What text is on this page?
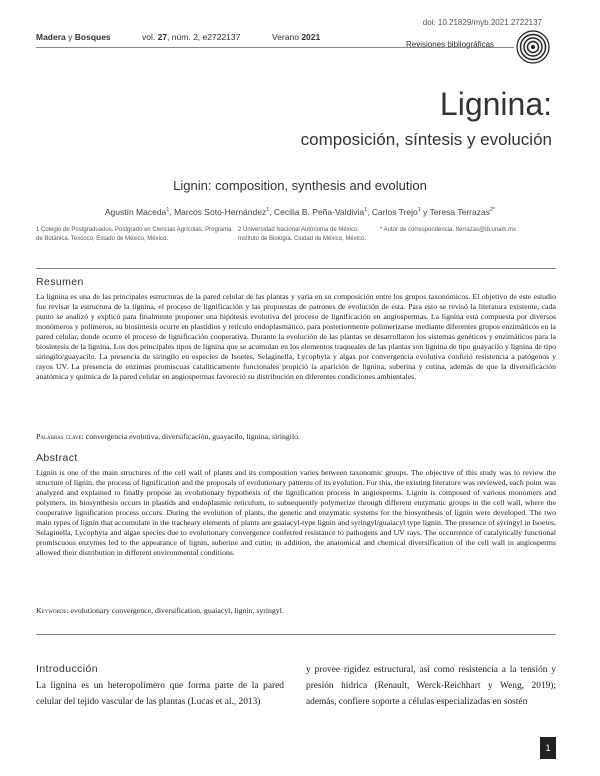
doi: 10.21829/myb.2021.2722137
Madera y Bosques	vol. 27, núm. 2, e2722137	Verano 2021
Revisiones bibliográficas
Lignina:
composición, síntesis y evolución
Lignin: composition, synthesis and evolution
Agustín Maceda$^1$, Marcos Soto-Hernández$^1$, Cecilia B. Peña-Valdivia$^1$, Carlos Trejo$^1$ y Teresa Terrazas$^{2*}$
1 Colegio de Postgraduados. Postgrado en Ciencias Agrícolas. Programa de Botánica. Texcoco, Estado de México, México.
2 Universidad Nacional Autónoma de México. Instituto de Biología. Ciudad de México, México.
* Autor de correspondencia. tterrazas@ib.unam.mx
Resumen
La lignina es una de las principales estructuras de la pared celular de las plantas y varía en su composición entre los grupos taxonómicos. El objetivo de este estudio fue revisar la estructura de la lignina, el proceso de lignificación y las propuestas de patrones de evolución de esta. Para esto se revisó la literatura existente, cada punto se analizó y explicó para finalmente proponer una hipótesis evolutiva del proceso de lignificación en angiospermas. La lignina está compuesta por diversos monómeros y polímeros, su biosíntesis ocurre en plastidios y retículo endoplasmático, para posteriormente polimerizarse mediante diferentes grupos enzimáticos en la pared celular, donde ocurre el proceso de lignificación cooperativa. Durante la evolución de las plantas se desarrollaron los sistemas genéticos y enzimáticos para la biosíntesis de la lignina. Los dos principales tipos de lignina que se acumulan en los elementos traqueales de las plantas son lignina de tipo guayacilo y lignina de tipo siringilo/guayacilo. La presencia de siringilo en especies de Isoetes, Selaginella, Lycophyta y algas por convergencia evolutiva confirió resistencia a patógenos y rayos UV. La presencia de enzimas promiscuas catalíticamente funcionales propició la aparición de lignina, suberina y cutina, además de que la diversificación anatómica y química de la pared celular en angiospermas favoreció su distribución en diferentes condiciones ambientales.
Palabras clave: convergencia evolutiva, diversificación, guayacilo, lignina, siringilo.
Abstract
Lignin is one of the main structures of the cell wall of plants and its composition varies between taxonomic groups. The objective of this study was to review the structure of lignin, the process of lignification and the proposals of evolutionary patterns of its evolution. For this, the existing literature was reviewed, each point was analyzed and explained to finally propose an evolutionary hypothesis of the lignification process in angiosperms. Lignin is composed of various monomers and polymers, its biosynthesis occurs in plastids and endoplasmic reticulum, to subsequently polymerize through different enzymatic groups in the cell wall, where the cooperative lignification process occurs. During the evolution of plants, the genetic and enzymatic systems for the biosynthesis of lignin were developed. The two main types of lignin that accumulate in the tracheary elements of plants are guaiacyl-type lignin and syringyl/guaiacyl type lignin. The presence of syringyl in Isoetes, Selaginella, Lycophyta and algae species due to evolutionary convergence conferred resistance to pathogens and UV rays. The occurrence of catalytically functional promiscuous enzymes led to the appearance of lignin, suberine and cutin; in addition, the anatomical and chemical diversification of the cell wall in angiosperms allowed their distribution in different environmental conditions.
Keywords: evolutionary convergence, diversification, guaiacyl, lignin, syringyl.
Introducción
La lignina es un heteropolímero que forma parte de la pared celular del tejido vascular de las plantas (Lucas et al., 2013)
y provee rigidez estructural, así como resistencia a la tensión y presión hídrica (Renault, Werck-Reichhart y Weng, 2019); además, confiere soporte a células especializadas en sostén
1
